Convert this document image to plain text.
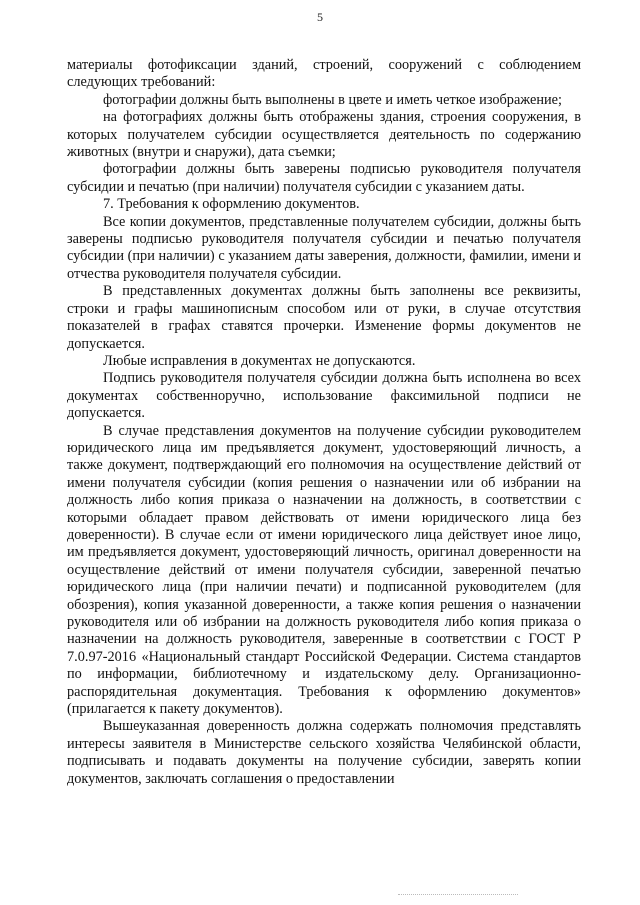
5

материалы фотофиксации зданий, строений, сооружений с соблюдением следующих требований:

фотографии должны быть выполнены в цвете и иметь четкое изображение;

на фотографиях должны быть отображены здания, строения сооружения, в которых получателем субсидии осуществляется деятельность по содержанию животных (внутри и снаружи), дата съемки;

фотографии должны быть заверены подписью руководителя получателя субсидии и печатью (при наличии) получателя субсидии с указанием даты.

7. Требования к оформлению документов.

Все копии документов, представленные получателем субсидии, должны быть заверены подписью руководителя получателя субсидии и печатью получателя субсидии (при наличии) с указанием даты заверения, должности, фамилии, имени и отчества руководителя получателя субсидии.

В представленных документах должны быть заполнены все реквизиты, строки и графы машинописным способом или от руки, в случае отсутствия показателей в графах ставятся прочерки. Изменение формы документов не допускается.

Любые исправления в документах не допускаются.

Подпись руководителя получателя субсидии должна быть исполнена во всех документах собственноручно, использование факсимильной подписи не допускается.

В случае представления документов на получение субсидии руководителем юридического лица им предъявляется документ, удостоверяющий личность, а также документ, подтверждающий его полномочия на осуществление действий от имени получателя субсидии (копия решения о назначении или об избрании на должность либо копия приказа о назначении на должность, в соответствии с которыми обладает правом действовать от имени юридического лица без доверенности). В случае если от имени юридического лица действует иное лицо, им предъявляется документ, удостоверяющий личность, оригинал доверенности на осуществление действий от имени получателя субсидии, заверенной печатью юридического лица (при наличии печати) и подписанной руководителем (для обозрения), копия указанной доверенности, а также копия решения о назначении руководителя или об избрании на должность руководителя либо копия приказа о назначении на должность руководителя, заверенные в соответствии с ГОСТ Р 7.0.97-2016 «Национальный стандарт Российской Федерации. Система стандартов по информации, библиотечному и издательскому делу. Организационно-распорядительная документация. Требования к оформлению документов» (прилагается к пакету документов).

Вышеуказанная доверенность должна содержать полномочия представлять интересы заявителя в Министерстве сельского хозяйства Челябинской области, подписывать и подавать документы на получение субсидии, заверять копии документов, заключать соглашения о предоставлении
